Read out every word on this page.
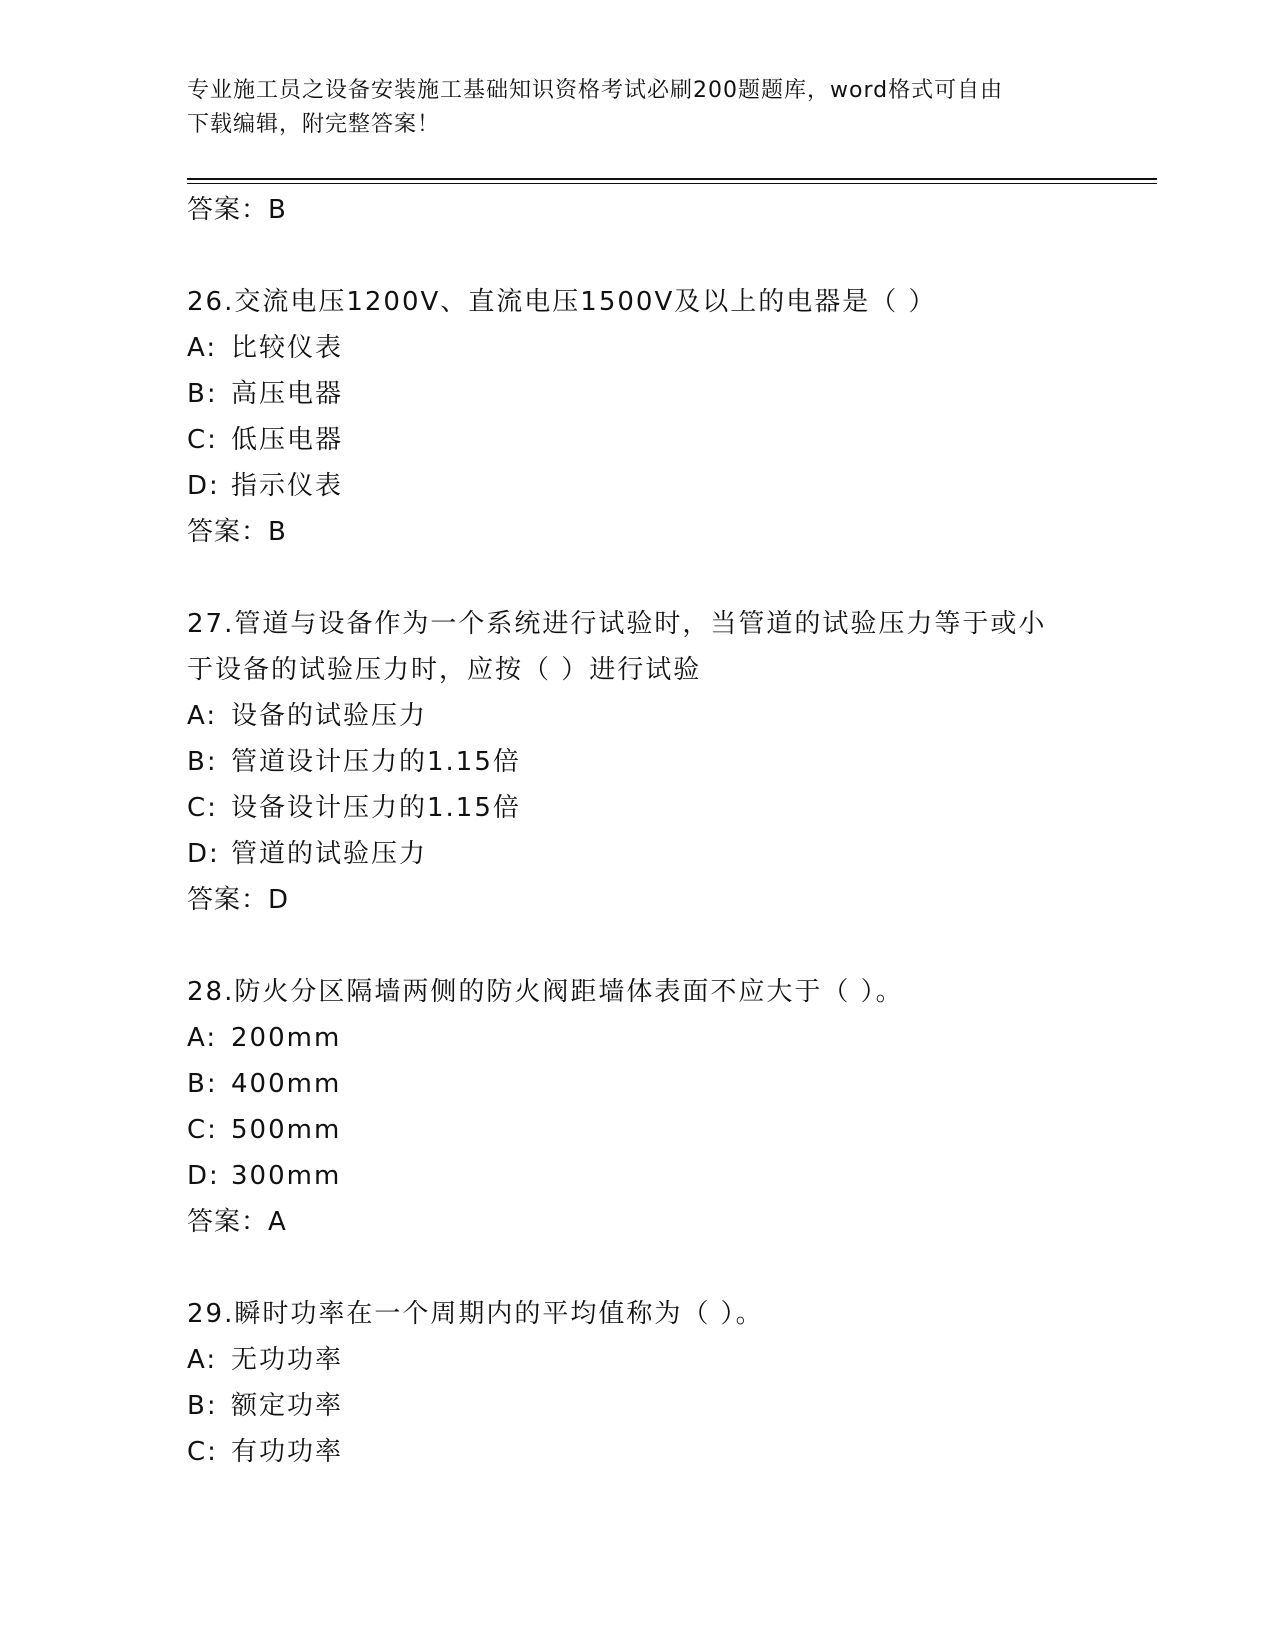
专业施工员之设备安装施工基础知识资格考试必刷200题题库，word格式可自由
下载编辑，附完整答案！
答案：B
26.交流电压1200V、直流电压1500V及以上的电器是（ ）
A: 比较仪表
B: 高压电器
C: 低压电器
D: 指示仪表
答案：B
27.管道与设备作为一个系统进行试验时，当管道的试验压力等于或小
于设备的试验压力时，应按（ ）进行试验
A: 设备的试验压力
B: 管道设计压力的1.15倍
C: 设备设计压力的1.15倍
D: 管道的试验压力
答案：D
28.防火分区隔墙两侧的防火阀距墙体表面不应大于（ ）。
A: 200mm
B: 400mm
C: 500mm
D: 300mm
答案：A
29.瞬时功率在一个周期内的平均值称为（ ）。
A: 无功功率
B: 额定功率
C: 有功功率
